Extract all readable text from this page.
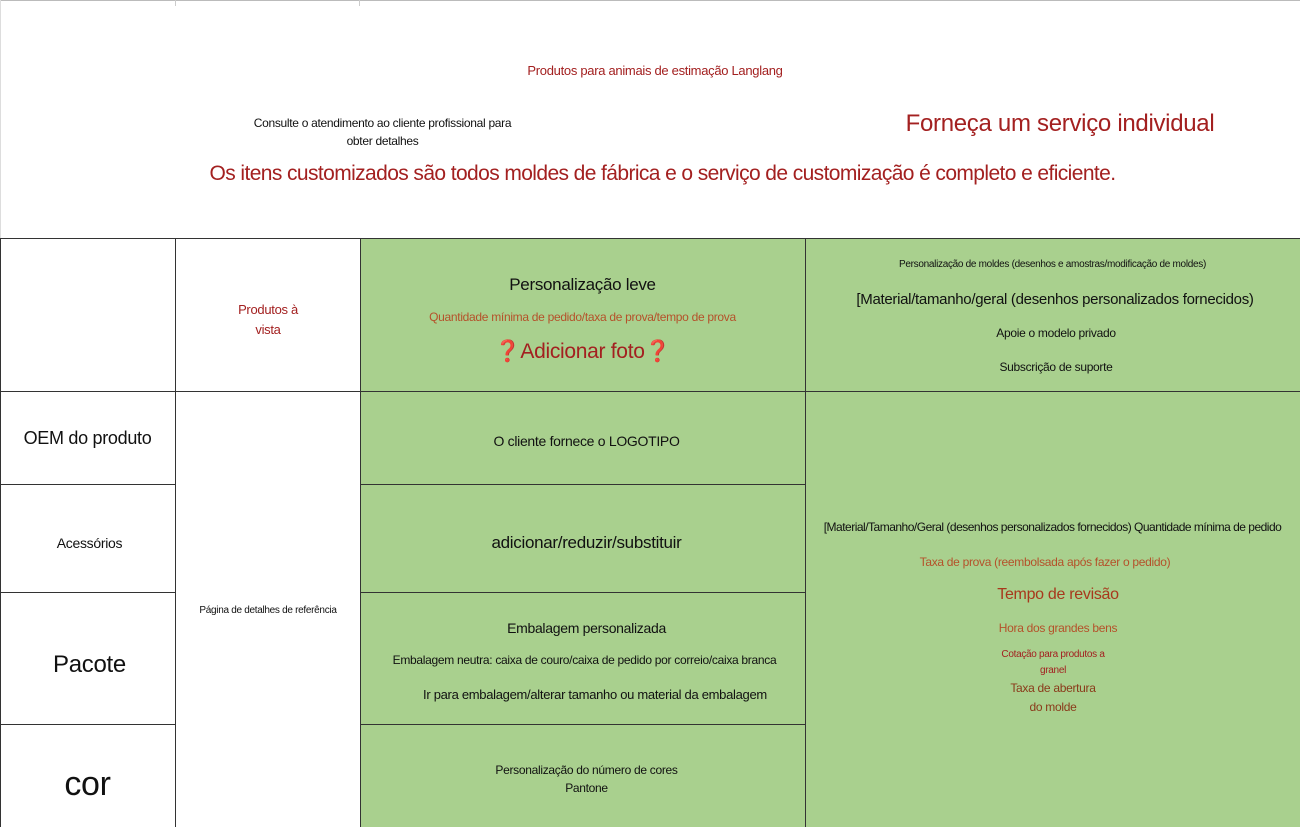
Produtos para animais de estimação Langlang
Consulte o atendimento ao cliente profissional para
obter detalhes
Forneça um serviço individual
Os itens customizados são todos moldes de fábrica e o serviço de customização é completo e eficiente.
Produtos à
vista
Personalização leve
Quantidade mínima de pedido/taxa de prova/tempo de prova
❓Adicionar foto❓
Personalização de moldes (desenhos e amostras/modificação de moldes)
[Material/tamanho/geral (desenhos personalizados fornecidos)
Apoie o modelo privado
Subscrição de suporte
OEM do produto
Acessórios
Pacote
cor
Página de detalhes de referência
O cliente fornece o LOGOTIPO
adicionar/reduzir/substituir
Embalagem personalizada
Embalagem neutra: caixa de couro/caixa de pedido por correio/caixa branca
Ir para embalagem/alterar tamanho ou material da embalagem
Personalização do número de cores
Pantone
[Material/Tamanho/Geral (desenhos personalizados fornecidos) Quantidade mínima de pedido
Taxa de prova (reembolsada após fazer o pedido)
Tempo de revisão
Hora dos grandes bens
Cotação para produtos a
granel
Taxa de abertura
do molde
